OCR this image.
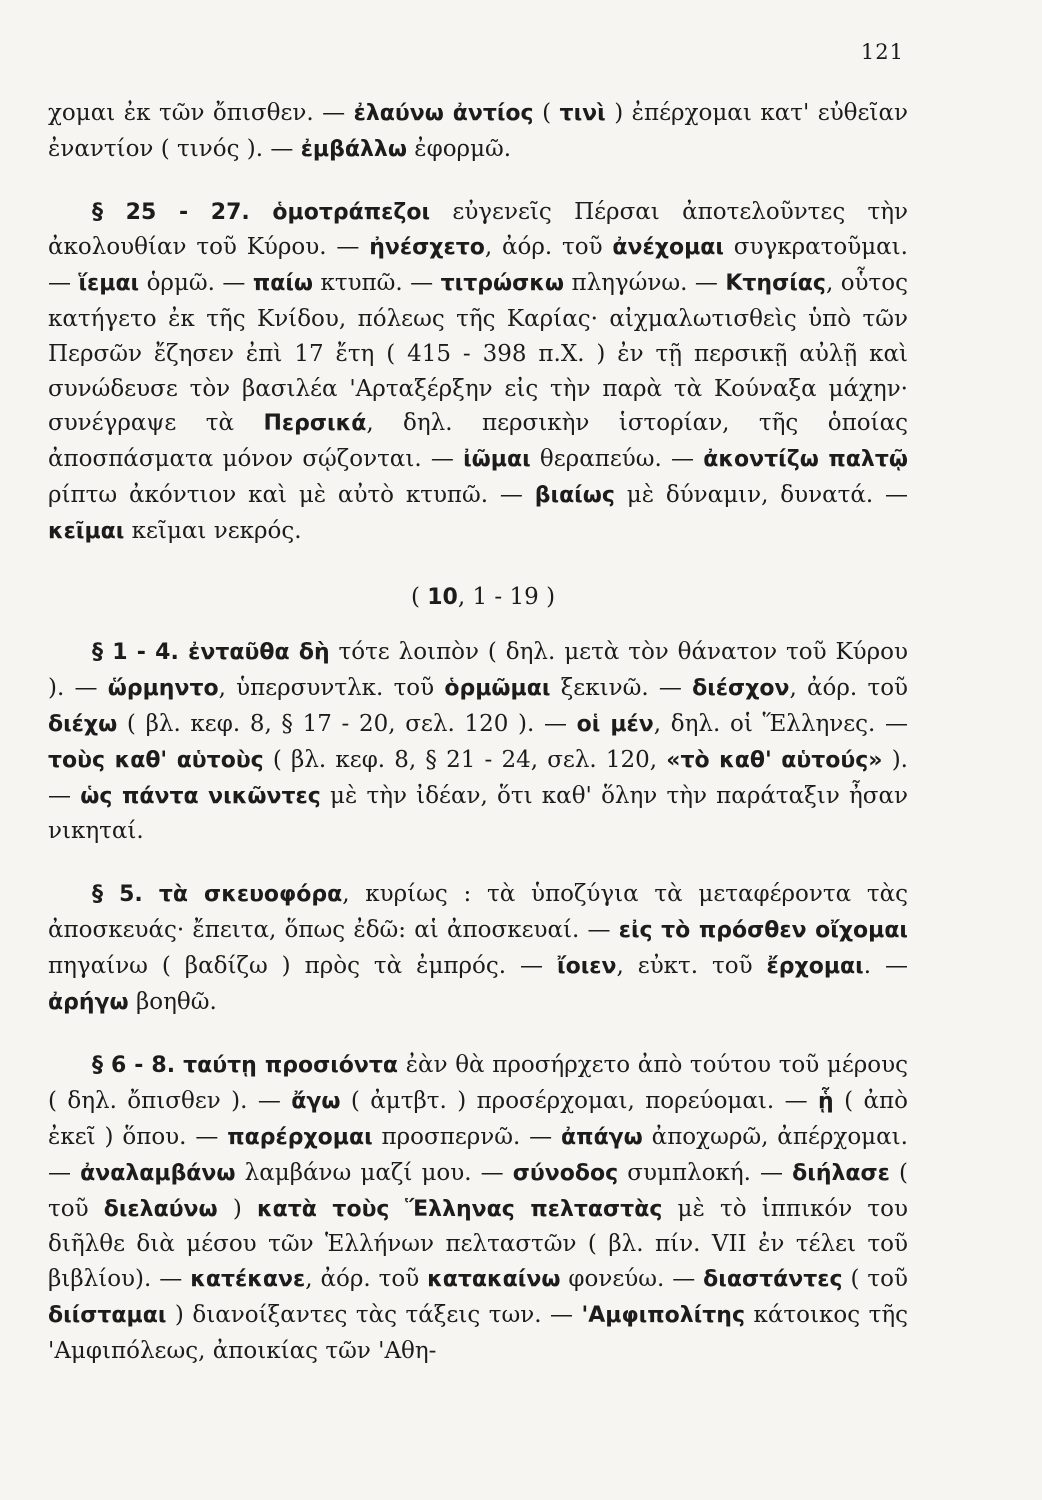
121

χομαι ἐκ τῶν ὄπισθεν. — ἐλαύνω ἀντίος ( τινὶ ) ἐπέρχομαι κατ' εὐθεῖαν ἐναντίον ( τινός ). — ἐμβάλλω ἐφορμῶ.

§ 25 - 27. ὁμοτράπεζοι εὐγενεῖς Πέρσαι ἀποτελοῦντες τὴν ἀκολουθίαν τοῦ Κύρου. — ἠνέσχετο, ἀόρ. τοῦ ἀνέχομαι συγκρατοῦμαι. — ἵεμαι ὁρμῶ. — παίω κτυπῶ. — τιτρώσκω πληγώνω. — Κτησίας, οὗτος κατήγετο ἐκ τῆς Κνίδου, πόλεως τῆς Καρίας· αἰχμαλωτισθεὶς ὑπὸ τῶν Περσῶν ἔζησεν ἐπὶ 17 ἔτη ( 415 - 398 π.Χ. ) ἐν τῇ περσικῇ αὐλῇ καὶ συνώδευσε τὸν βασιλέα 'Αρταξέρξην εἰς τὴν παρὰ τὰ Κούναξα μάχην· συνέγραψε τὰ Περσικά, δηλ. περσικὴν ἱστορίαν, τῆς ὁποίας ἀποσπάσματα μόνον σῴζονται. — ἰῶμαι θεραπεύω. — ἀκοντίζω παλτῷ ρίπτω ἀκόντιον καὶ μὲ αὐτὸ κτυπῶ. — βιαίως μὲ δύναμιν, δυνατά. — κεῖμαι κεῖμαι νεκρός.

( 10, 1 - 19 )

§ 1 - 4. ἐνταῦθα δὴ τότε λοιπὸν ( δηλ. μετὰ τὸν θάνατον τοῦ Κύρου ). — ὥρμηντο, ὑπερσυντλκ. τοῦ ὁρμῶμαι ξεκινῶ. — διέσχον, ἀόρ. τοῦ διέχω ( βλ. κεφ. 8, § 17 - 20, σελ. 120 ). — οἱ μέν, δηλ. οἱ Ἕλληνες. — τοὺς καθ' αὑτοὺς ( βλ. κεφ. 8, § 21 - 24, σελ. 120, «τὸ καθ' αὑτούς» ). — ὡς πάντα νικῶντες μὲ τὴν ἰδέαν, ὅτι καθ' ὅλην τὴν παράταξιν ἦσαν νικηταί.

§ 5. τὰ σκευοφόρα, κυρίως : τὰ ὑποζύγια τὰ μεταφέροντα τὰς ἀποσκευάς· ἔπειτα, ὅπως ἐδῶ: αἱ ἀποσκευαί. — εἰς τὸ πρόσθεν οἴχομαι πηγαίνω ( βαδίζω ) πρὸς τὰ ἐμπρός. — ἴοιεν, εὐκτ. τοῦ ἔρχομαι. — ἀρήγω βοηθῶ.

§ 6 - 8. ταύτῃ προσιόντα ἐὰν θὰ προσήρχετο ἀπὸ τούτου τοῦ μέρους ( δηλ. ὄπισθεν ). — ἄγω ( ἀμτβτ. ) προσέρχομαι, πορεύομαι. — ᾗ ( ἀπὸ ἐκεῖ ) ὅπου. — παρέρχομαι προσπερνῶ. — ἀπάγω ἀποχωρῶ, ἀπέρχομαι. — ἀναλαμβάνω λαμβάνω μαζί μου. — σύνοδος συμπλοκή. — διήλασε ( τοῦ διελαύνω ) κατὰ τοὺς Ἕλληνας πελταστὰς μὲ τὸ ἱππικόν του διῆλθε διὰ μέσου τῶν Ἑλλήνων πελταστῶν ( βλ. πίν. VII ἐν τέλει τοῦ βιβλίου). — κατέκανε, ἀόρ. τοῦ κατακαίνω φονεύω. — διαστάντες ( τοῦ διίσταμαι ) διανοίξαντες τὰς τάξεις των. — 'Αμφιπολίτης κάτοικος τῆς 'Αμφιπόλεως, ἀποικίας τῶν 'Αθη-
